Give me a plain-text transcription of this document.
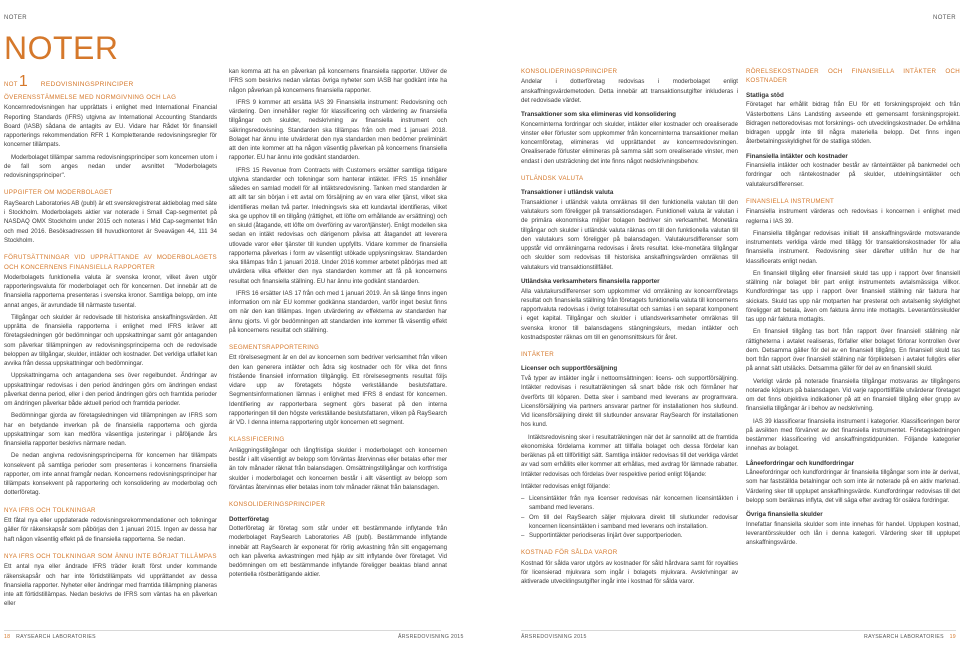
NOTER	NOTER
NOTER
NOT 1 REDOVISNINGSPRINCIPER
ÖVERENSSTÄMMELSE MED NORMGIVNING OCH LAG

Koncernredovisningen har upprättats i enlighet med International Financial Reporting Standards (IFRS) utgivna av International Accounting Standards Board (IASB) sådana de antagits av EU. Vidare har Rådet för finansiell rapporterings rekommendation RFR 1 Kompletterande redovisningsregler för koncerner tillämpats.

Moderbolaget tillämpar samma redovisningsprinciper som koncernen utom i de fall som anges nedan under avsnittet "Moderbolagets redovisningsprinciper".

UPPGIFTER OM MODERBOLAGET

RaySearch Laboratories AB (publ) är ett svenskregistrerat aktiebolag med säte i Stockholm. Moderbolagets aktier var noterade i Small Cap-segmentet på NASDAQ OMX Stockholm under 2015 och noteras i Mid Cap-segmentet från och med 2016. Besöksadressen till huvudkontoret är Sveavägen 44, 111 34 Stockholm.

FÖRUTSÄTTNINGAR VID UPPRÄTTANDE AV MODERBOLAGETS OCH KONCERNENS FINANSIELLA RAPPORTER

Moderbolagets funktionella valuta är svenska kronor, vilket även utgör rapporteringsvaluta för moderbolaget och för koncernen. Det innebär att de finansiella rapporterna presenteras i svenska kronor. Samtliga belopp, om inte annat anges, är avrundade till närmaste tusental.

Tillgångar och skulder är redovisade till historiska anskaffningsvärden. Att upprätta de finansiella rapporterna i enlighet med IFRS kräver att företagsledningen gör bedömningar och uppskattningar samt gör antaganden som påverkar tillämpningen av redovisningsprinciperna och de redovisade beloppen av tillgångar, skulder, intäkter och kostnader. Det verkliga utfallet kan avvika från dessa uppskattningar och bedömningar.

Uppskattningarna och antagandena ses över regelbundet. Ändringar av uppskattningar redovisas i den period ändringen görs om ändringen endast påverkat denna period, eller i den period ändringen görs och framtida perioder om ändringen påverkar både aktuell period och framtida perioder.

Bedömningar gjorda av företagsledningen vid tillämpningen av IFRS som har en betydande inverkan på de finansiella rapporterna och gjorda uppskattningar som kan medföra väsentliga justeringar i påföljande års finansiella rapporter beskrivs närmare nedan.

De nedan angivna redovisningsprinciperna för koncernen har tillämpats konsekvent på samtliga perioder som presenteras i koncernens finansiella rapporter, om inte annat framgår nedan. Koncernens redovisningsprinciper har tillämpats konsekvent på rapportering och konsolidering av moderbolag och dotterföretag.

NYA IFRS OCH TOLKNINGAR

Ett fåtal nya eller uppdaterade redovisningsrekommendationer och tolkningar gäller för räkenskapsår som påbörjas den 1 januari 2015. Ingen av dessa har haft någon väsentlig effekt på de finansiella rapporterna. Se nedan.

NYA IFRS OCH TOLKNINGAR SOM ÄNNU INTE BÖRJAT TILLÄMPAS

Ett antal nya eller ändrade IFRS träder ikraft först under kommande räkenskapsår och har inte förtidstillämpats vid upprättandet av dessa finansiella rapporter. Nyheter eller ändringar med framtida tillämpning planeras inte att förtidstillämpas. Nedan beskrivs de IFRS som väntas ha en påverkan eller

kan komma att ha en påverkan på koncernens finansiella rapporter. Utöver de IFRS som beskrivs nedan väntas övriga nyheter som IASB har godkänt inte ha någon påverkan på koncernens finansiella rapporter.

IFRS 9 kommer att ersätta IAS 39 Finansiella instrument: Redovisning och värdering. Den innehåller regler för klassificering och värdering av finansiella tillgångar och skulder, nedskrivning av finansiella instrument och säkringsredovisning. Standarden ska tillämpas från och med 1 januari 2018. Bolaget har ännu inte utvärderat den nya standarden men bedömer preliminärt att den inte kommer att ha någon väsentlig påverkan på koncernens finansiella rapporter. EU har ännu inte godkänt standarden.

IFRS 15 Revenue from Contracts with Customers ersätter samtliga tidigare utgivna standarder och tolkningar som hanterar intäkter. IFRS 15 innehåller således en samlad modell för all intäktsredovisning. Tanken med standarden är att allt tar sin början i ett avtal om försäljning av en vara eller tjänst, vilket ska identifieras mellan två parter. Inledningsvis ska ett kundavtal identifieras, vilket ska ge upphov till en tillgång (rättighet, ett löfte om erhållande av ersättning) och en skuld (åtagande, ett löfte om överföring av varor/tjänster). Enligt modellen ska sedan en intäkt redovisas och därigenom påvisa att åtagandet att leverera utlovade varor eller tjänster till kunden uppfyllts. Vidare kommer de finansiella rapporterna påverkas i form av väsentligt utökade upplysningskrav. Standarden ska tillämpas från 1 januari 2018. Under 2016 kommer arbetet påbörjas med att utvärdera vilka effekter den nya standarden kommer att få på koncernens resultat och finansiella ställning. EU har ännu inte godkänt standarden.

IFRS 16 ersätter IAS 17 från och med 1 januari 2019. Än så länge finns ingen information om när EU kommer godkänna standarden, varför inget beslut finns om när den kan tillämpas. Ingen utvärdering av effekterna av standarden har ännu gjorts. Vi gör bedömningen att standarden inte kommer få väsentlig effekt på koncernens resultat och ställning.

SEGMENTSRAPPORTERING

Ett rörelsesegment är en del av koncernen som bedriver verksamhet från vilken den kan generera intäkter och ådra sig kostnader och för vilka det finns fristående finansiell information tillgänglig. Ett rörelsesegments resultat följs vidare upp av företagets högste verkställande beslutsfattare. Segmentsinformationen lämnas i enlighet med IFRS 8 endast för koncernen. Identifiering av rapporterbara segment görs baserat på den interna rapporteringen till den högste verkställande beslutsfattaren, vilken på RaySearch är VD. I denna interna rapportering utgör koncernen ett segment.

KLASSIFICERING

Anläggningstillgångar och långfristiga skulder i moderbolaget och koncernen består i allt väsentligt av belopp som förväntas återvinnas eller betalas efter mer än tolv månader räknat från balansdagen. Omsättningstillgångar och kortfristiga skulder i moderbolaget och koncernen består i allt väsentligt av belopp som förväntas återvinnas eller betalas inom tolv månader räknat från balansdagen.

KONSOLIDERINGSPRINCIPER
Dotterföretag

Dotterföretag är företag som står under ett bestämmande inflytande från moderbolaget RaySearch Laboratories AB (publ). Bestämmande inflytande innebär att RaySearch är exponerat för rörlig avkastning från sitt engagemang och kan påverka avkastningen med hjälp av sitt inflytande över företaget. Vid bedömningen om ett bestämmande inflytande föreligger beaktas bland annat potentiella röstberättigande aktier.

KONSOLIDERINGSPRINCIPER

Andelar i dotterföretag redovisas i moderbolaget enligt anskaffningsvärdemetoden. Detta innebär att transaktionsutgifter inkluderas i det redovisade värdet.

Transaktioner som ska elimineras vid konsolidering

Koncerninterna fordringar och skulder, intäkter eller kostnader och orealiserade vinster eller förluster som uppkommer från koncerninterna transaktioner mellan koncernföretag, elimineras vid upprättandet av koncernredovisningen. Orealiserade förluster elimineras på samma sätt som orealiserade vinster, men endast i den utsträckning det inte finns något nedskrivningsbehov.

UTLÄNDSK VALUTA
Transaktioner i utländsk valuta

Transaktioner i utländsk valuta omräknas till den funktionella valutan till den valutakurs som föreligger på transaktionsdagen. Funktionell valuta är valutan i de primära ekonomiska miljöer bolagen bedriver sin verksamhet. Monetära tillgångar och skulder i utländsk valuta räknas om till den funktionella valutan till den valutakurs som föreligger på balansdagen. Valutakursdifferenser som uppstår vid omräkningarna redovisas i årets resultat. Icke-monetära tillgångar och skulder som redovisas till historiska anskaffningsvärden omräknas till valutakurs vid transaktionstillfället.

Utländska verksamheters finansiella rapporter

Alla valutakursdifferenser som uppkommer vid omräkning av koncernföretags resultat och finansiella ställning från företagets funktionella valuta till koncernens rapportvaluta redovisas i övrigt totalresultat och samlas i en separat komponent i eget kapital. Tillgångar och skulder i utlandsverksamheter omräknas till svenska kronor till balansdagens stängningskurs, medan intäkter och kostnadsposter räknas om till en genomsnittskurs för året.

INTÄKTER
Licenser och supportförsäljning

Två typer av intäkter ingår i nettoomsättningen: licens- och supportförsäljning. Intäkter redovisas i resultaträkningen så snart både risk och förmåner har överförts till köparen. Detta sker i samband med leverans av programvara. Licensförsäljning via partners ansvarar partner för installationen hos slutkund. Vid licensförsäljning direkt till slutkunder ansvarar RaySearch för installationen hos kund.

Intäktsredovisning sker i resultaträkningen när det är sannolikt att de framtida ekonomiska fördelarna kommer att tillfalla bolaget och dessa fördelar kan beräknas på ett tillförlitligt sätt. Samtliga intäkter redovisas till det verkliga värdet av vad som erhållits eller kommer att erhållas, med avdrag för lämnade rabatter. Intäkter redovisas och fördelas över respektive period enligt följande:

Intäkter redovisas enligt följande:

– Licensintäkter från nya licenser redovisas när koncernen licensintäkten i samband med leverans.
– Om till del RaySearch säljer mjukvara direkt till slutkunder redovisar koncernen licensintäkten i samband med leverans och installation.
– Supportintäkter periodiseras linjärt över supportperioden.
KOSTNAD FÖR SÅLDA VAROR

Kostnad för sålda varor utgörs av kostnader för såld hårdvara samt för royalties för licensierad mjukvara som ingår i bolagets mjukvara. Avskrivningar av aktiverade utvecklingsutgifter ingår inte i kostnad för sålda varor.

RÖRELSEKOSTNADER OCH FINANSIELLA INTÄKTER OCH KOSTNADER
Statliga stöd

Företaget har erhållit bidrag från EU för ett forskningsprojekt och från Västerbottens Läns Landsting avseende ett gemensamt forskningsprojekt. Bidragen nettoredovisas mot forsknings- och utvecklingskostnader. De erhållna bidragen uppgår inte till några materiella belopp. Det finns ingen återbetalningsskyldighet för de statliga stöden.

Finansiella intäkter och kostnader

Finansiella intäkter och kostnader består av ränteintäkter på bankmedel och fordringar och räntekostnader på skulder, utdelningsintäkter och valutakursdifferenser.

FINANSIELLA INSTRUMENT

Finansiella instrument värderas och redovisas i koncernen i enlighet med reglerna i IAS 39.

Finansiella tillgångar redovisas initialt till anskaffningsvärde motsvarande instrumentets verkliga värde med tillägg för transaktionskostnader för alla finansiella instrument. Redovisning sker därefter utifrån hur de har klassificerats enligt nedan.

En finansiell tillgång eller finansiell skuld tas upp i rapport över finansiell ställning när bolaget blir part enligt instrumentets avtalsmässiga villkor. Kundfordringar tas upp i rapport över finansiell ställning när faktura har skickats. Skuld tas upp när motparten har presterat och avtalsenlig skyldighet föreligger att betala, även om faktura ännu inte mottagits. Leverantörsskulder tas upp när faktura mottagits.

En finansiell tillgång tas bort från rapport över finansiell ställning när rättigheterna i avtalet realiseras, förfaller eller bolaget förlorar kontrollen över dem. Detsamma gäller för del av en finansiell tillgång. En finansiell skuld tas bort från rapport över finansiell ställning när förpliktelsen i avtalet fullgörs eller på annat sätt utsläcks. Detsamma gäller för del av en finansiell skuld.

Verkligt värde på noterade finansiella tillgångar motsvaras av tillgångens noterade köpkurs på balansdagen. Vid varje rapporttillfälle utvärderar företaget om det finns objektiva indikationer på att en finansiell tillgång eller grupp av finansiella tillgångar är i behov av nedskrivning.

IAS 39 klassificerar finansiella instrument i kategorier. Klassificeringen beror på avsikten med förvärvet av det finansiella instrumentet. Företagsledningen bestämmer klassificering vid anskaffningstidpunkten. Följande kategorier innehas av bolaget.

Låneefordringar och kundfordringar

Låneefordringar och kundfordringar är finansiella tillgångar som inte är derivat, som har fastställda betalningar och som inte är noterade på en aktiv marknad. Värdering sker till upplupet anskaffningsvärde. Kundfordringar redovisas till det belopp som beräknas inflyta, det vill säga efter avdrag för osäkra fordringar.

Övriga finansiella skulder

Innefattar finansiella skulder som inte innehas för handel. Upplupen kostnad, leverantörsskulder och lån i denna kategori. Värdering sker till upplupet anskaffningsvärde.

18 RAYSEARCH LABORATORIES	ÅRSREDOVISNING 2015	ÅRSREDOVISNING 2015	RAYSEARCH LABORATORIES 19
